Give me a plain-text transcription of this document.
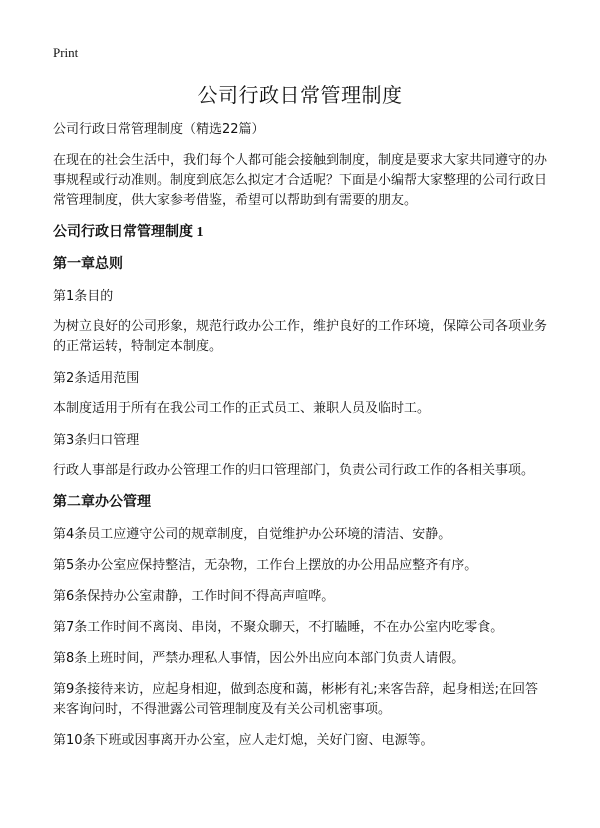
Print
公司行政日常管理制度

公司行政日常管理制度（精选22篇）

在现在的社会生活中，我们每个人都可能会接触到制度，制度是要求大家共同遵守的办事规程或行动准则。制度到底怎么拟定才合适呢？下面是小编帮大家整理的公司行政日常管理制度，供大家参考借鉴，希望可以帮助到有需要的朋友。

公司行政日常管理制度 1
第一章总则

第1条目的

为树立良好的公司形象，规范行政办公工作，维护良好的工作环境，保障公司各项业务的正常运转，特制定本制度。

第2条适用范围

本制度适用于所有在我公司工作的正式员工、兼职人员及临时工。

第3条归口管理

行政人事部是行政办公管理工作的归口管理部门，负责公司行政工作的各相关事项。

第二章办公管理

第4条员工应遵守公司的规章制度，自觉维护办公环境的清洁、安静。

第5条办公室应保持整洁，无杂物，工作台上摆放的办公用品应整齐有序。

第6条保持办公室肃静，工作时间不得高声喧哗。

第7条工作时间不离岗、串岗，不聚众聊天，不打瞌睡，不在办公室内吃零食。

第8条上班时间，严禁办理私人事情，因公外出应向本部门负责人请假。

第9条接待来访，应起身相迎，做到态度和蔼，彬彬有礼;来客告辞，起身相送;在回答来客询问时，不得泄露公司管理制度及有关公司机密事项。

第10条下班或因事离开办公室，应人走灯熄，关好门窗、电源等。
